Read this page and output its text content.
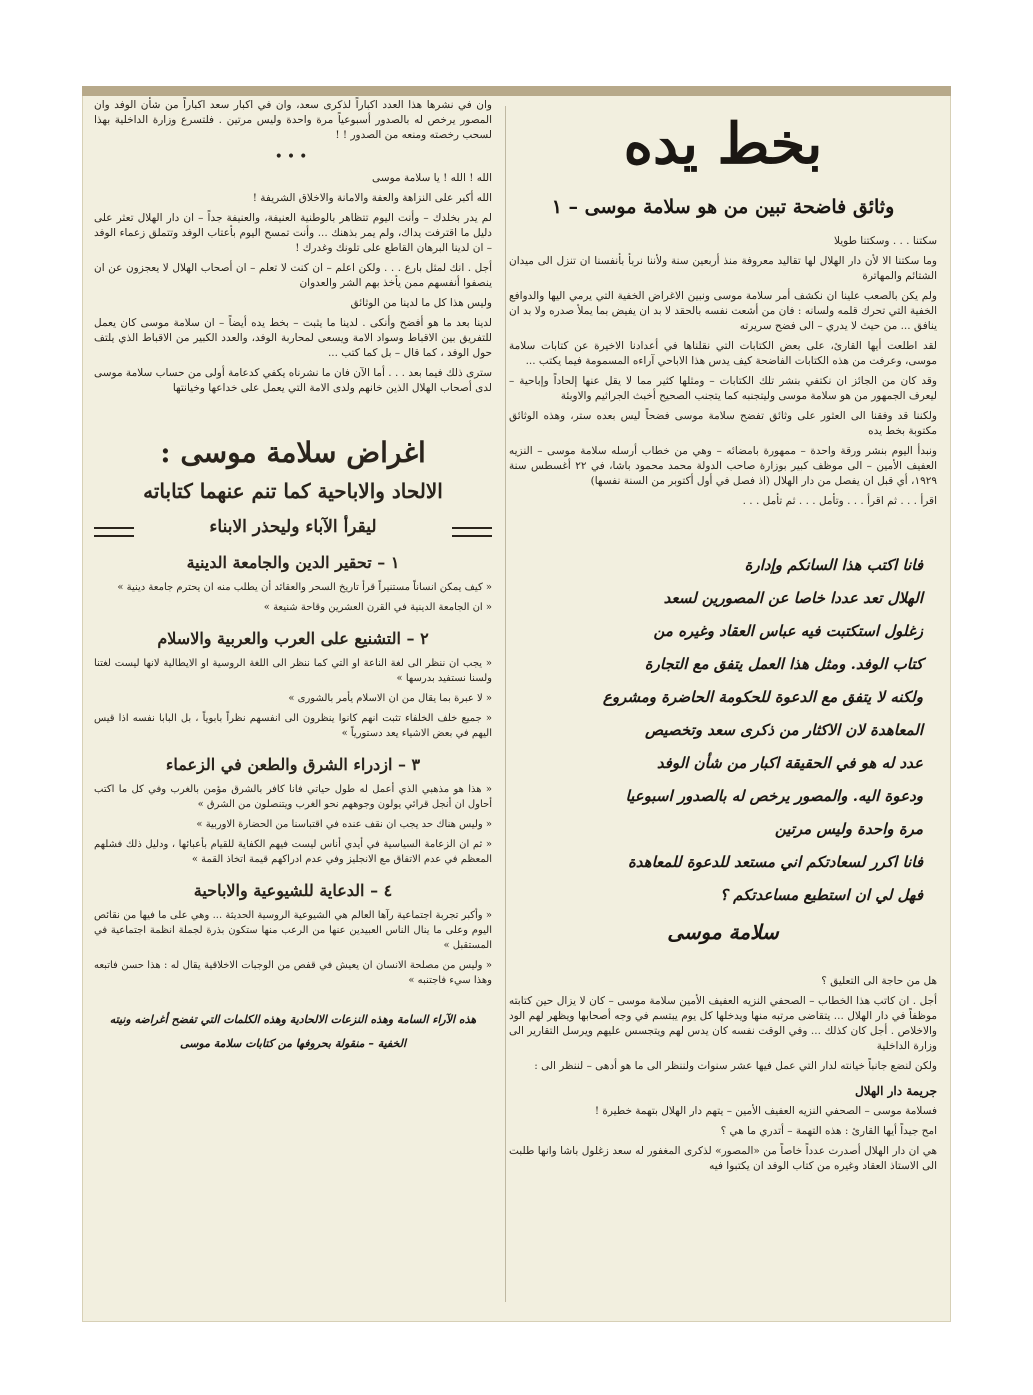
بخط يده
وثائق فاضحة تبين من هو سلامة موسى – ١

سكتنا . . . وسكتنا طويلا

وما سكتنا الا لأن دار الهلال لها تقاليد معروفة منذ أربعين سنة ولأننا نربأ بأنفسنا ان تنزل الى ميدان الشتائم والمهاترة

ولم يكن بالصعب علينا ان نكشف أمر سلامة موسى ونبين الاغراض الخفية التي يرمي اليها والدوافع الخفية التي تحرك قلمه ولسانه : فان من أشعت نفسه بالحقد لا بد ان يفيض بما يملأ صدره ولا بد ان ينافق ... من حيث لا يدري – الى فضح سريرته

لقد اطلعت أيها القارئ، على بعض الكتابات التي نقلناها في أعدادنا الاخيرة عن كتابات سلامة موسى، وعرفت من هذه الكتابات الفاضحة كيف يدس هذا الاباحي آراءه المسمومة فيما يكتب ...

وقد كان من الجائز ان نكتفي بنشر تلك الكتابات – ومثلها كثير مما لا يقل عنها إلحاداً وإباحية – ليعرف الجمهور من هو سلامة موسى وليتجنبه كما يتجنب الصحيح أخبث الجراثيم والاوبئة

ولكننا قد وفقنا الى العثور على وثائق تفضح سلامة موسى فضحاً ليس بعده ستر، وهذه الوثائق مكتوبة بخط يده

ونبدأ اليوم بنشر ورقة واحدة – ممهورة بامضائه – وهي من خطاب أرسله سلامة موسى – النزيه العفيف الأمين – الى موظف كبير بوزارة صاحب الدولة محمد محمود باشا، في ٢٢ أغسطس سنة ١٩٢٩، أي قبل ان يفصل من دار الهلال (اذ فصل في أول أكتوبر من السنة نفسها)

اقرأ . . . ثم اقرأ . . . وتأمل . . . ثم تأمل . . .

فانا اكتب هذا السانكم وإدارة
الهلال تعد عددا خاصا عن المصورين لسعد
زغلول استكتبت فيه عباس العقاد وغيره من
كتاب الوفد. ومثل هذا العمل يتفق مع التجارة
ولكنه لا يتفق مع الدعوة للحكومة الحاضرة ومشروع
المعاهدة لان الاكثار من ذكرى سعد وتخصيص
عدد له هو في الحقيقة اكبار من شأن الوفد
ودعوة اليه. والمصور يرخص له بالصدور اسبوعيا
مرة واحدة وليس مرتين
فانا اكرر لسعادتكم اني مستعد للدعوة للمعاهدة
فهل لي ان استطيع مساعدتكم ؟
سلامة موسى

هل من حاجة الى التعليق ؟

أجل . ان كاتب هذا الخطاب – الصحفي النزيه العفيف الأمين سلامة موسى – كان لا يزال حين كتابته موظفاً في دار الهلال ... يتقاضى مرتبه منها ويدخلها كل يوم يبتسم في وجه أصحابها ويظهر لهم الود والاخلاص . أجل كان كذلك ... وفي الوقت نفسه كان يدس لهم ويتجسس عليهم ويرسل التقارير الى وزارة الداخلية

ولكن لنضع جانباً خيانته لدار التي عمل فيها عشر سنوات ولننظر الى ما هو أدهى – لننظر الى :

جريمة دار الهلال

فسلامة موسى – الصحفي النزيه العفيف الأمين – يتهم دار الهلال بتهمة خطيرة !

امح جيداً أيها القارئ : هذه التهمة – أتدري ما هي ؟

هي ان دار الهلال أصدرت عدداً خاصاً من «المصور» لذكرى المغفور له سعد زغلول باشا وانها طلبت الى الاستاذ العقاد وغيره من كتاب الوفد ان يكتبوا فيه

وان في نشرها هذا العدد اكباراً لذكرى سعد، وان في اكبار سعد اكباراً من شأن الوفد وان المصور يرخص له بالصدور أسبوعياً مرة واحدة وليس مرتين . فلتسرع وزارة الداخلية بهذا لسحب رخصته ومنعه من الصدور ! !

•••

الله ! الله ! يا سلامة موسى

الله أكبر على النزاهة والعفة والامانة والاخلاق الشريفة !

لم يدر بخلدك – وأنت اليوم تتظاهر بالوطنية العنيفة، والعنيفة جداً – ان دار الهلال تعثر على دليل ما اقترفت يداك، ولم يمر بذهنك ... وأنت تمسح اليوم بأعتاب الوفد وتتملق زعماء الوفد – ان لدينا البرهان القاطع على تلونك وغدرك !

أجل . انك لمثل بارع . . . ولكن اعلم – ان كنت لا تعلم – ان أصحاب الهلال لا يعجزون عن ان ينصفوا أنفسهم ممن يأخذ بهم الشر والعدوان

وليس هذا كل ما لدينا من الوثائق

لدينا بعد ما هو أفضح وأنكى . لدينا ما يثبت – بخط يده أيضاً – ان سلامة موسى كان يعمل للتفريق بين الاقباط وسواد الامة ويسعى لمحاربة الوفد، والعدد الكبير من الاقباط الذي يلتف حول الوفد ، كما قال – بل كما كتب ...

سترى ذلك فيما بعد . . . أما الآن فان ما نشرناه يكفي كدعامة أولى من حساب سلامة موسى لدى أصحاب الهلال الذين خانهم ولدى الامة التي يعمل على خداعها وخيانتها

اغراض سلامة موسى :
الالحاد والاباحية كما تنم عنهما كتاباته
ليقرأ الآباء وليحذر الابناء
١ – تحقير الدين والجامعة الدينية

« كيف يمكن انساناً مستنيراً قرأ تاريخ السحر والعقائد أن يطلب منه ان يحترم جامعة دينية »

« ان الجامعة الدينية في القرن العشرين وقاحة شنيعة »

٢ – التشنيع على العرب والعربية والاسلام

« يجب ان ننظر الى لغة الناعة او التي كما ننظر الى اللغة الروسية او الايطالية لانها ليست لغتنا ولسنا نستفيد بدرسها »

« لا عبرة بما يقال من ان الاسلام يأمر بالشورى »

« جميع خلف الخلفاء تثبت انهم كانوا ينظرون الى انفسهم نظراً بابوياً ، بل البابا نفسه اذا قيس اليهم في بعض الاشياء يعد دستورياً »

٣ – ازدراء الشرق والطعن في الزعماء

« هذا هو مذهبي الذي أعمل له طول حياتي فانا كافر بالشرق مؤمن بالغرب وفي كل ما اكتب أحاول ان أنجل قرائي يولون وجوههم نحو الغرب ويتنصلون من الشرق »

« وليس هناك حد يجب ان نقف عنده في اقتباسنا من الحضارة الاوربية »

« ثم ان الزعامة السياسية في أيدي أناس ليست فيهم الكفاية للقيام بأعبائها ، ودليل ذلك فشلهم المعظم في عدم الاتفاق مع الانجليز وفي عدم ادراكهم قيمة اتخاذ القمة »

٤ – الدعاية للشيوعية والاباحية

« وأكبر تجربة اجتماعية رآها العالم هي الشيوعية الروسية الحديثة ... وهي على ما فيها من نقائص اليوم وعلى ما ينال الناس العبيدين عنها من الرعب منها ستكون بذرة لجملة انظمة اجتماعية في المستقبل »

« وليس من مصلحة الانسان ان يعيش في قفص من الوجبات الاخلاقية يقال له : هذا حسن فاتبعه وهذا سيء فاجتنبه »

هذه الآراء السامة وهذه النزعات الالحادية وهذه الكلمات التي تفضح أغراضه ونيته الخفية – منقولة بحروفها من كتابات سلامة موسى
